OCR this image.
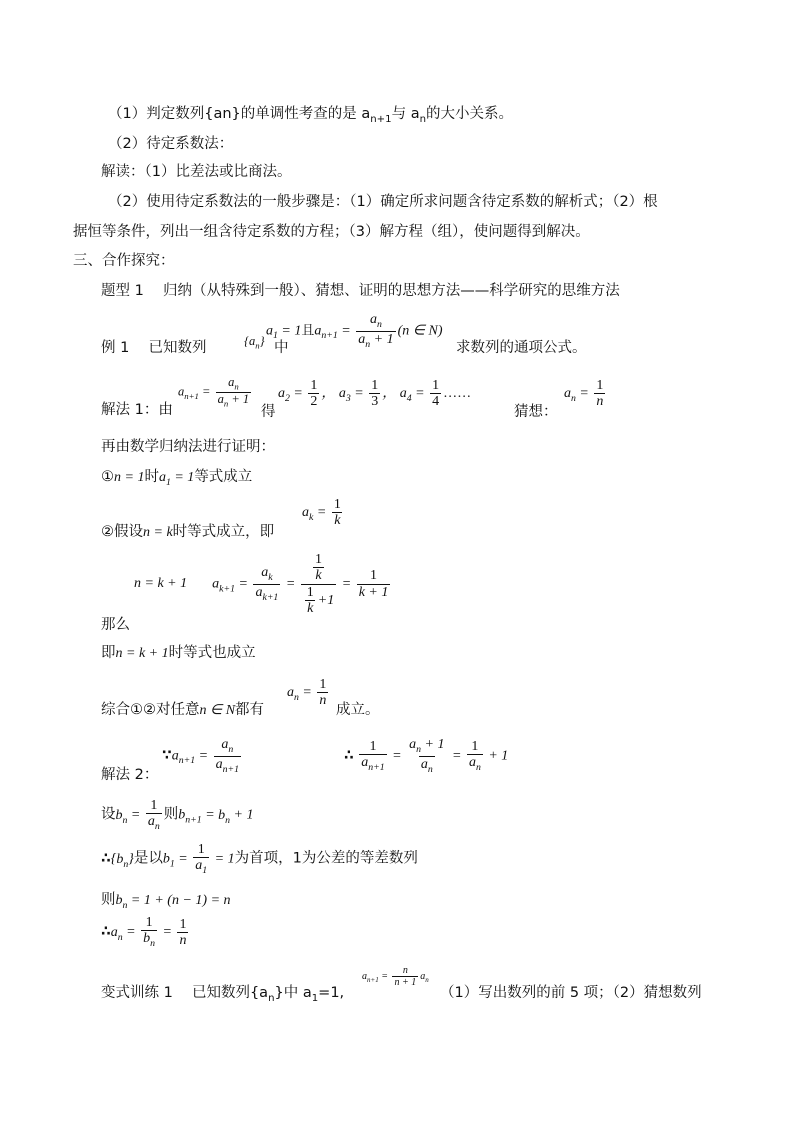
（1）判定数列{an}的单调性考查的是 $a_{n+1}$与 $a_n$的大小关系。
（2）待定系数法：
解读：（1）比差法或比商法。
（2）使用待定系数法的一般步骤是：（1）确定所求问题含待定系数的解析式；（2）根
据恒等条件，列出一组含待定系数的方程；（3）解方程（组），使问题得到解决。
三、合作探究：
题型 1　 归纳（从特殊到一般）、猜想、证明的思想方法——科学研究的思维方法
例 1　 已知数列	$\{a_n\}$ 中
$a_1 = 1$且$a_{n+1} = \frac{a_n}{a_n + 1} (n$ ∈ N)
求数列的通项公式。
解法 1：由
$a_{n+1} = \frac{a_n}{a_n + 1}$
得
$a_2 = \frac{1}{2}$ ， $a_3 = \frac{1}{3}$ ， $a_4 = \frac{1}{4}$ ……
猜想：
$a_n = \frac{1}{n}$
再由数学归纳法进行证明：
①n = 1时$a_1 = 1$等式成立
②假设n = k时等式成立，即
$a_k = \frac{1}{k}$
n = k + 1 $a_{k+1} = \frac{a_k}{a_{k+1}} = \frac{\frac{1}{k}}{\frac{1}{k} +1} = \frac{1}{k + 1}$
那么
即n = k + 1时等式也成立
综合①②对任意n ∈ N都有
$a_n = \frac{1}{n}$
成立。
$\because a_{n+1} = \frac{a_n}{a_{n+1}}$	∴ $\frac{1}{a_{n+1}} = \frac{a_n + 1}{a_n} = \frac{1}{a_n} + 1$
解法 2：
设$b_n = \frac{1}{a_n}$ 则$b_{n+1} = b_n + 1$
$\therefore\{b_n\}$是以$b_1 = \frac{1}{a_1} = 1$为首项，1为公差的等差数列
则$b_n = 1 + (n - 1) = n$
$\therefore a_n = \frac{1}{b_n} = \frac{1}{n}$
变式训练 1　 已知数列$\{a_n\}$中 $a_1=1$,
$a_{n+1} = \frac{n}{n + 1} a_n$
（1）写出数列的前 5 项；（2）猜想数列
